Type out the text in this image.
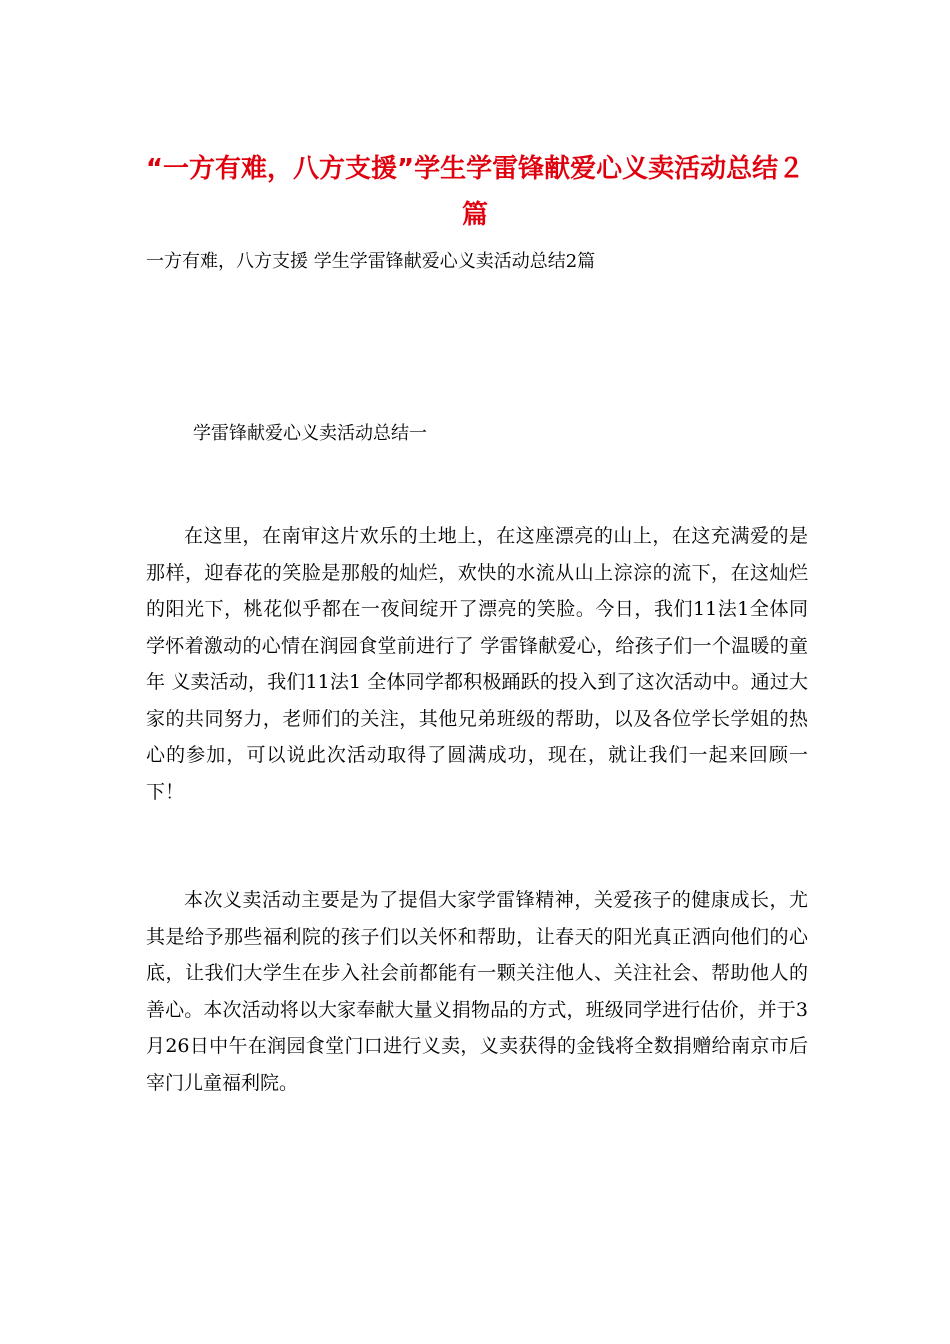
“一方有难，八方支援”学生学雷锋献爱心义卖活动总结２篇
一方有难，八方支援 学生学雷锋献爱心义卖活动总结2篇
学雷锋献爱心义卖活动总结一

在这里，在南审这片欢乐的土地上，在这座漂亮的山上，在这充满爱的是那样，迎春花的笑脸是那般的灿烂，欢快的水流从山上淙淙的流下，在这灿烂的阳光下，桃花似乎都在一夜间绽开了漂亮的笑脸。今日，我们11法1全体同学怀着激动的心情在润园食堂前进行了 学雷锋献爱心，给孩子们一个温暖的童年 义卖活动，我们11法1 全体同学都积极踊跃的投入到了这次活动中。通过大家的共同努力，老师们的关注，其他兄弟班级的帮助，以及各位学长学姐的热心的参加，可以说此次活动取得了圆满成功，现在，就让我们一起来回顾一下！

本次义卖活动主要是为了提倡大家学雷锋精神，关爱孩子的健康成长，尤其是给予那些福利院的孩子们以关怀和帮助，让春天的阳光真正洒向他们的心底，让我们大学生在步入社会前都能有一颗关注他人、关注社会、帮助他人的善心。本次活动将以大家奉献大量义捐物品的方式，班级同学进行估价，并于3月26日中午在润园食堂门口进行义卖，义卖获得的金钱将全数捐赠给南京市后宰门儿童福利院。
